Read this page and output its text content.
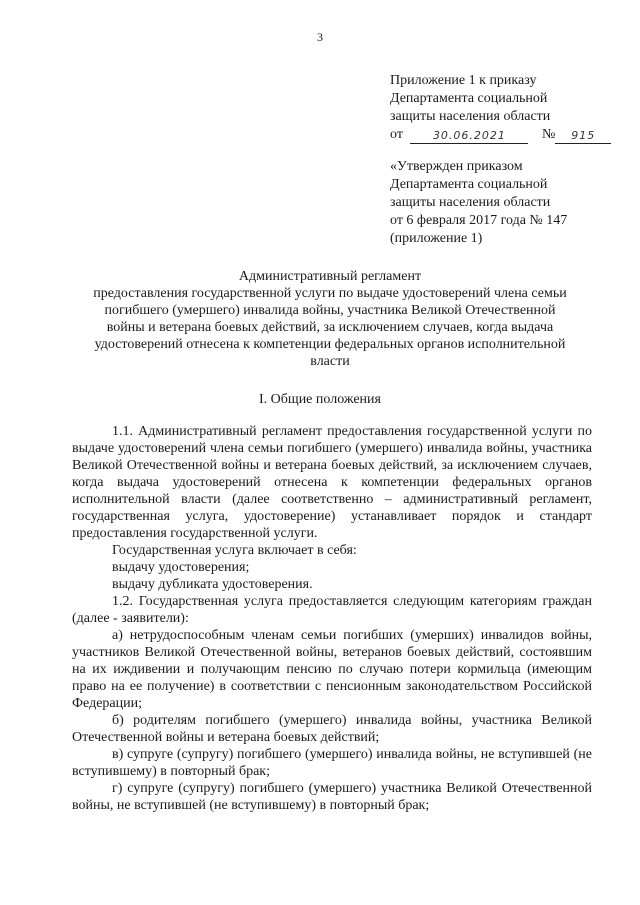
3
Приложение 1 к приказу
Департамента социальной
защиты населения области
от	30.06.2021	№ 915
«Утвержден приказом
Департамента социальной
защиты населения области
от 6 февраля 2017 года № 147
(приложение 1)
Административный регламент
предоставления государственной услуги по выдаче удостоверений члена семьи
погибшего (умершего) инвалида войны, участника Великой Отечественной
войны и ветерана боевых действий, за исключением случаев, когда выдача
удостоверений отнесена к компетенции федеральных органов исполнительной
власти
I. Общие положения

1.1. Административный регламент предоставления государственной услуги по выдаче удостоверений члена семьи погибшего (умершего) инвалида войны, участника Великой Отечественной войны и ветерана боевых действий, за исключением случаев, когда выдача удостоверений отнесена к компетенции федеральных органов исполнительной власти (далее соответственно – административный регламент, государственная услуга, удостоверение) устанавливает порядок и стандарт предоставления государственной услуги.

Государственная услуга включает в себя:

выдачу удостоверения;

выдачу дубликата удостоверения.

1.2. Государственная услуга предоставляется следующим категориям граждан (далее - заявители):

а) нетрудоспособным членам семьи погибших (умерших) инвалидов войны, участников Великой Отечественной войны, ветеранов боевых действий, состоявшим на их иждивении и получающим пенсию по случаю потери кормильца (имеющим право на ее получение) в соответствии с пенсионным законодательством Российской Федерации;

б) родителям погибшего (умершего) инвалида войны, участника Великой Отечественной войны и ветерана боевых действий;

в) супруге (супругу) погибшего (умершего) инвалида войны, не вступившей (не вступившему) в повторный брак;

г) супруге (супругу) погибшего (умершего) участника Великой Отечественной войны, не вступившей (не вступившему) в повторный брак;
